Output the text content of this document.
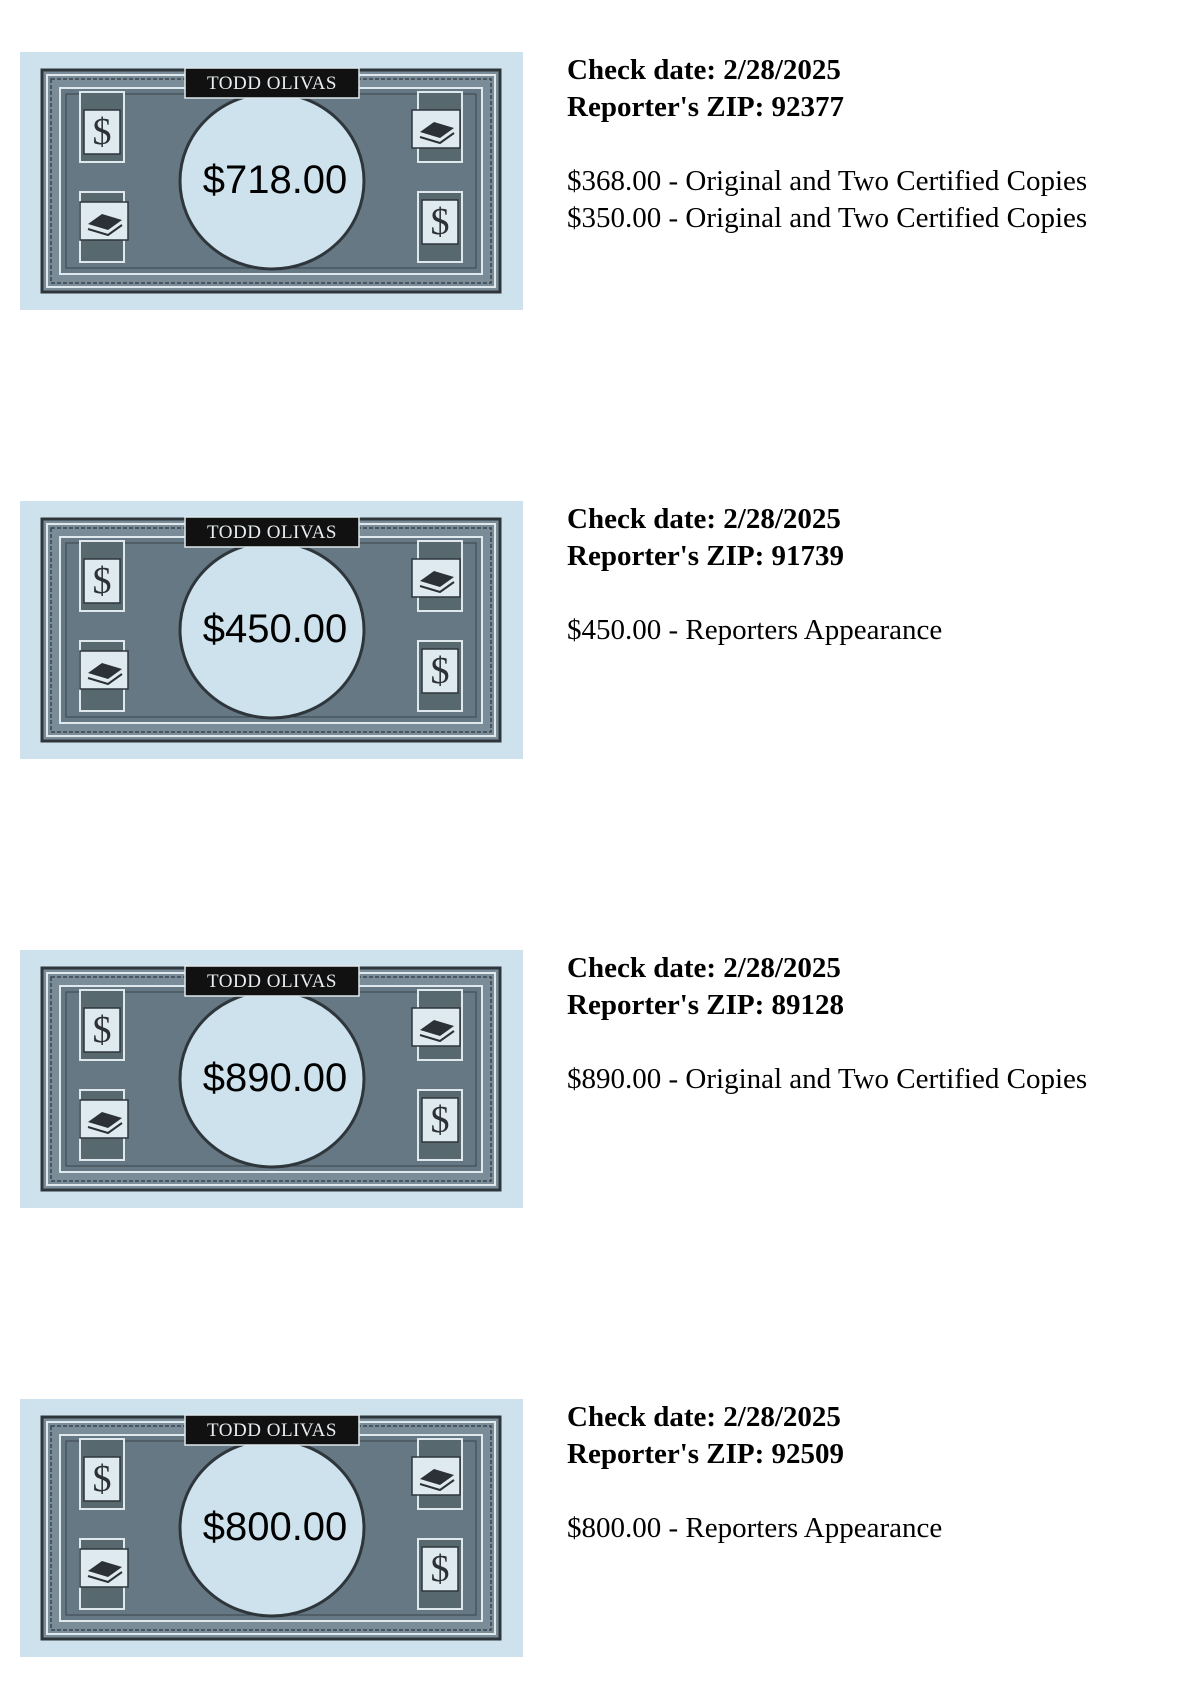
$
$
TODD OLIVAS
$718.00
Check date: 2/28/2025
Reporter's ZIP: 92377
$368.00 - Original and Two Certified Copies
$350.00 - Original and Two Certified Copies
$
$
TODD OLIVAS
$450.00
Check date: 2/28/2025
Reporter's ZIP: 91739
$450.00 - Reporters Appearance
$
$
TODD OLIVAS
$890.00
Check date: 2/28/2025
Reporter's ZIP: 89128
$890.00 - Original and Two Certified Copies
$
$
TODD OLIVAS
$800.00
Check date: 2/28/2025
Reporter's ZIP: 92509
$800.00 - Reporters Appearance
